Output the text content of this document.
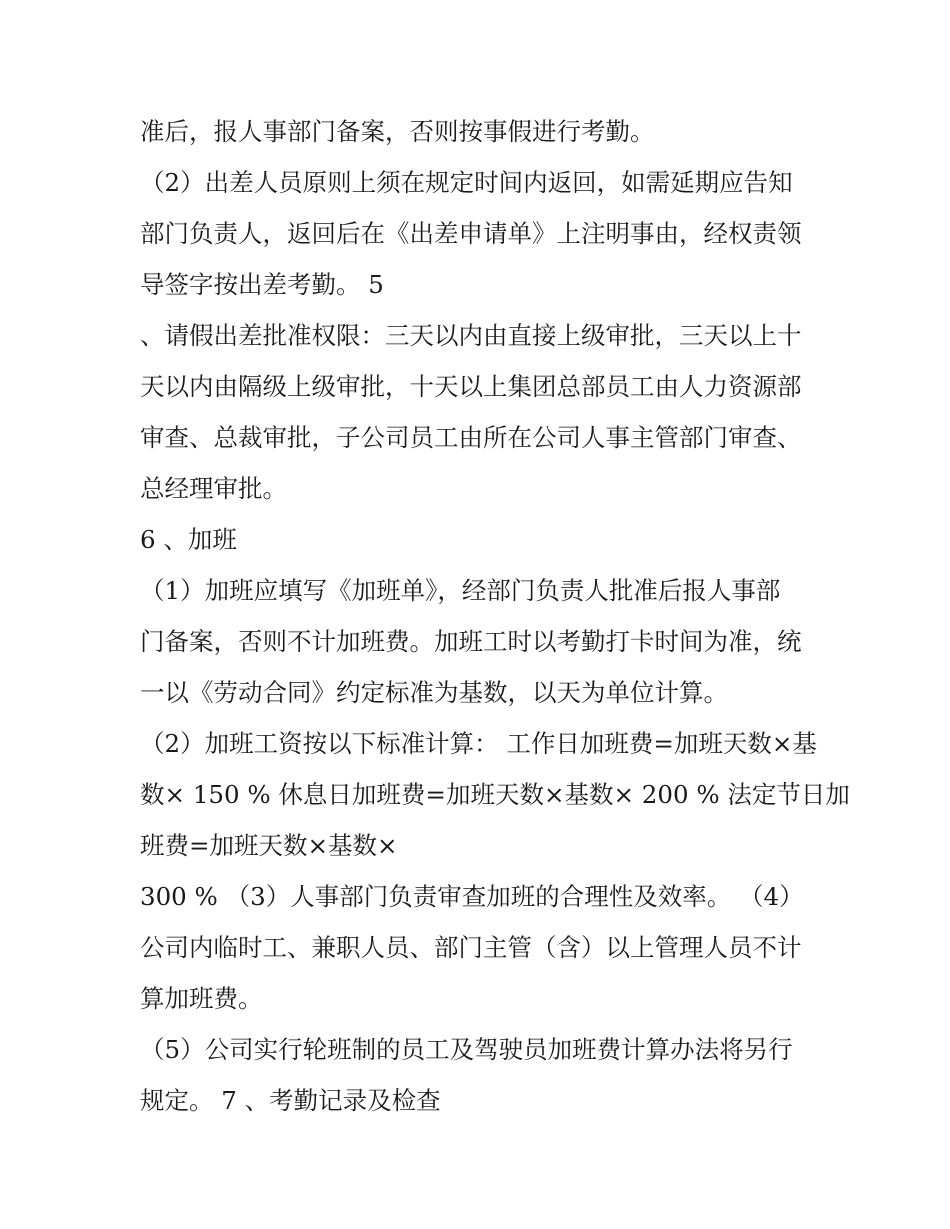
准后，报人事部门备案，否则按事假进行考勤。
（2）出差人员原则上须在规定时间内返回，如需延期应告知
部门负责人，返回后在《出差申请单》上注明事由，经权责领
导签字按出差考勤。 5
、请假出差批准权限：三天以内由直接上级审批，三天以上十
天以内由隔级上级审批，十天以上集团总部员工由人力资源部
审查、总裁审批，子公司员工由所在公司人事主管部门审查、
总经理审批。
6 、加班
（1）加班应填写《加班单》，经部门负责人批准后报人事部
门备案，否则不计加班费。加班工时以考勤打卡时间为准，统
一以《劳动合同》约定标准为基数，以天为单位计算。
（2）加班工资按以下标准计算： 工作日加班费=加班天数×基
数× 150 % 休息日加班费=加班天数×基数× 200 % 法定节日加
班费=加班天数×基数×
300 % （3）人事部门负责审查加班的合理性及效率。 （4）
公司内临时工、兼职人员、部门主管（含）以上管理人员不计
算加班费。
（5）公司实行轮班制的员工及驾驶员加班费计算办法将另行
规定。 7 、考勤记录及检查
